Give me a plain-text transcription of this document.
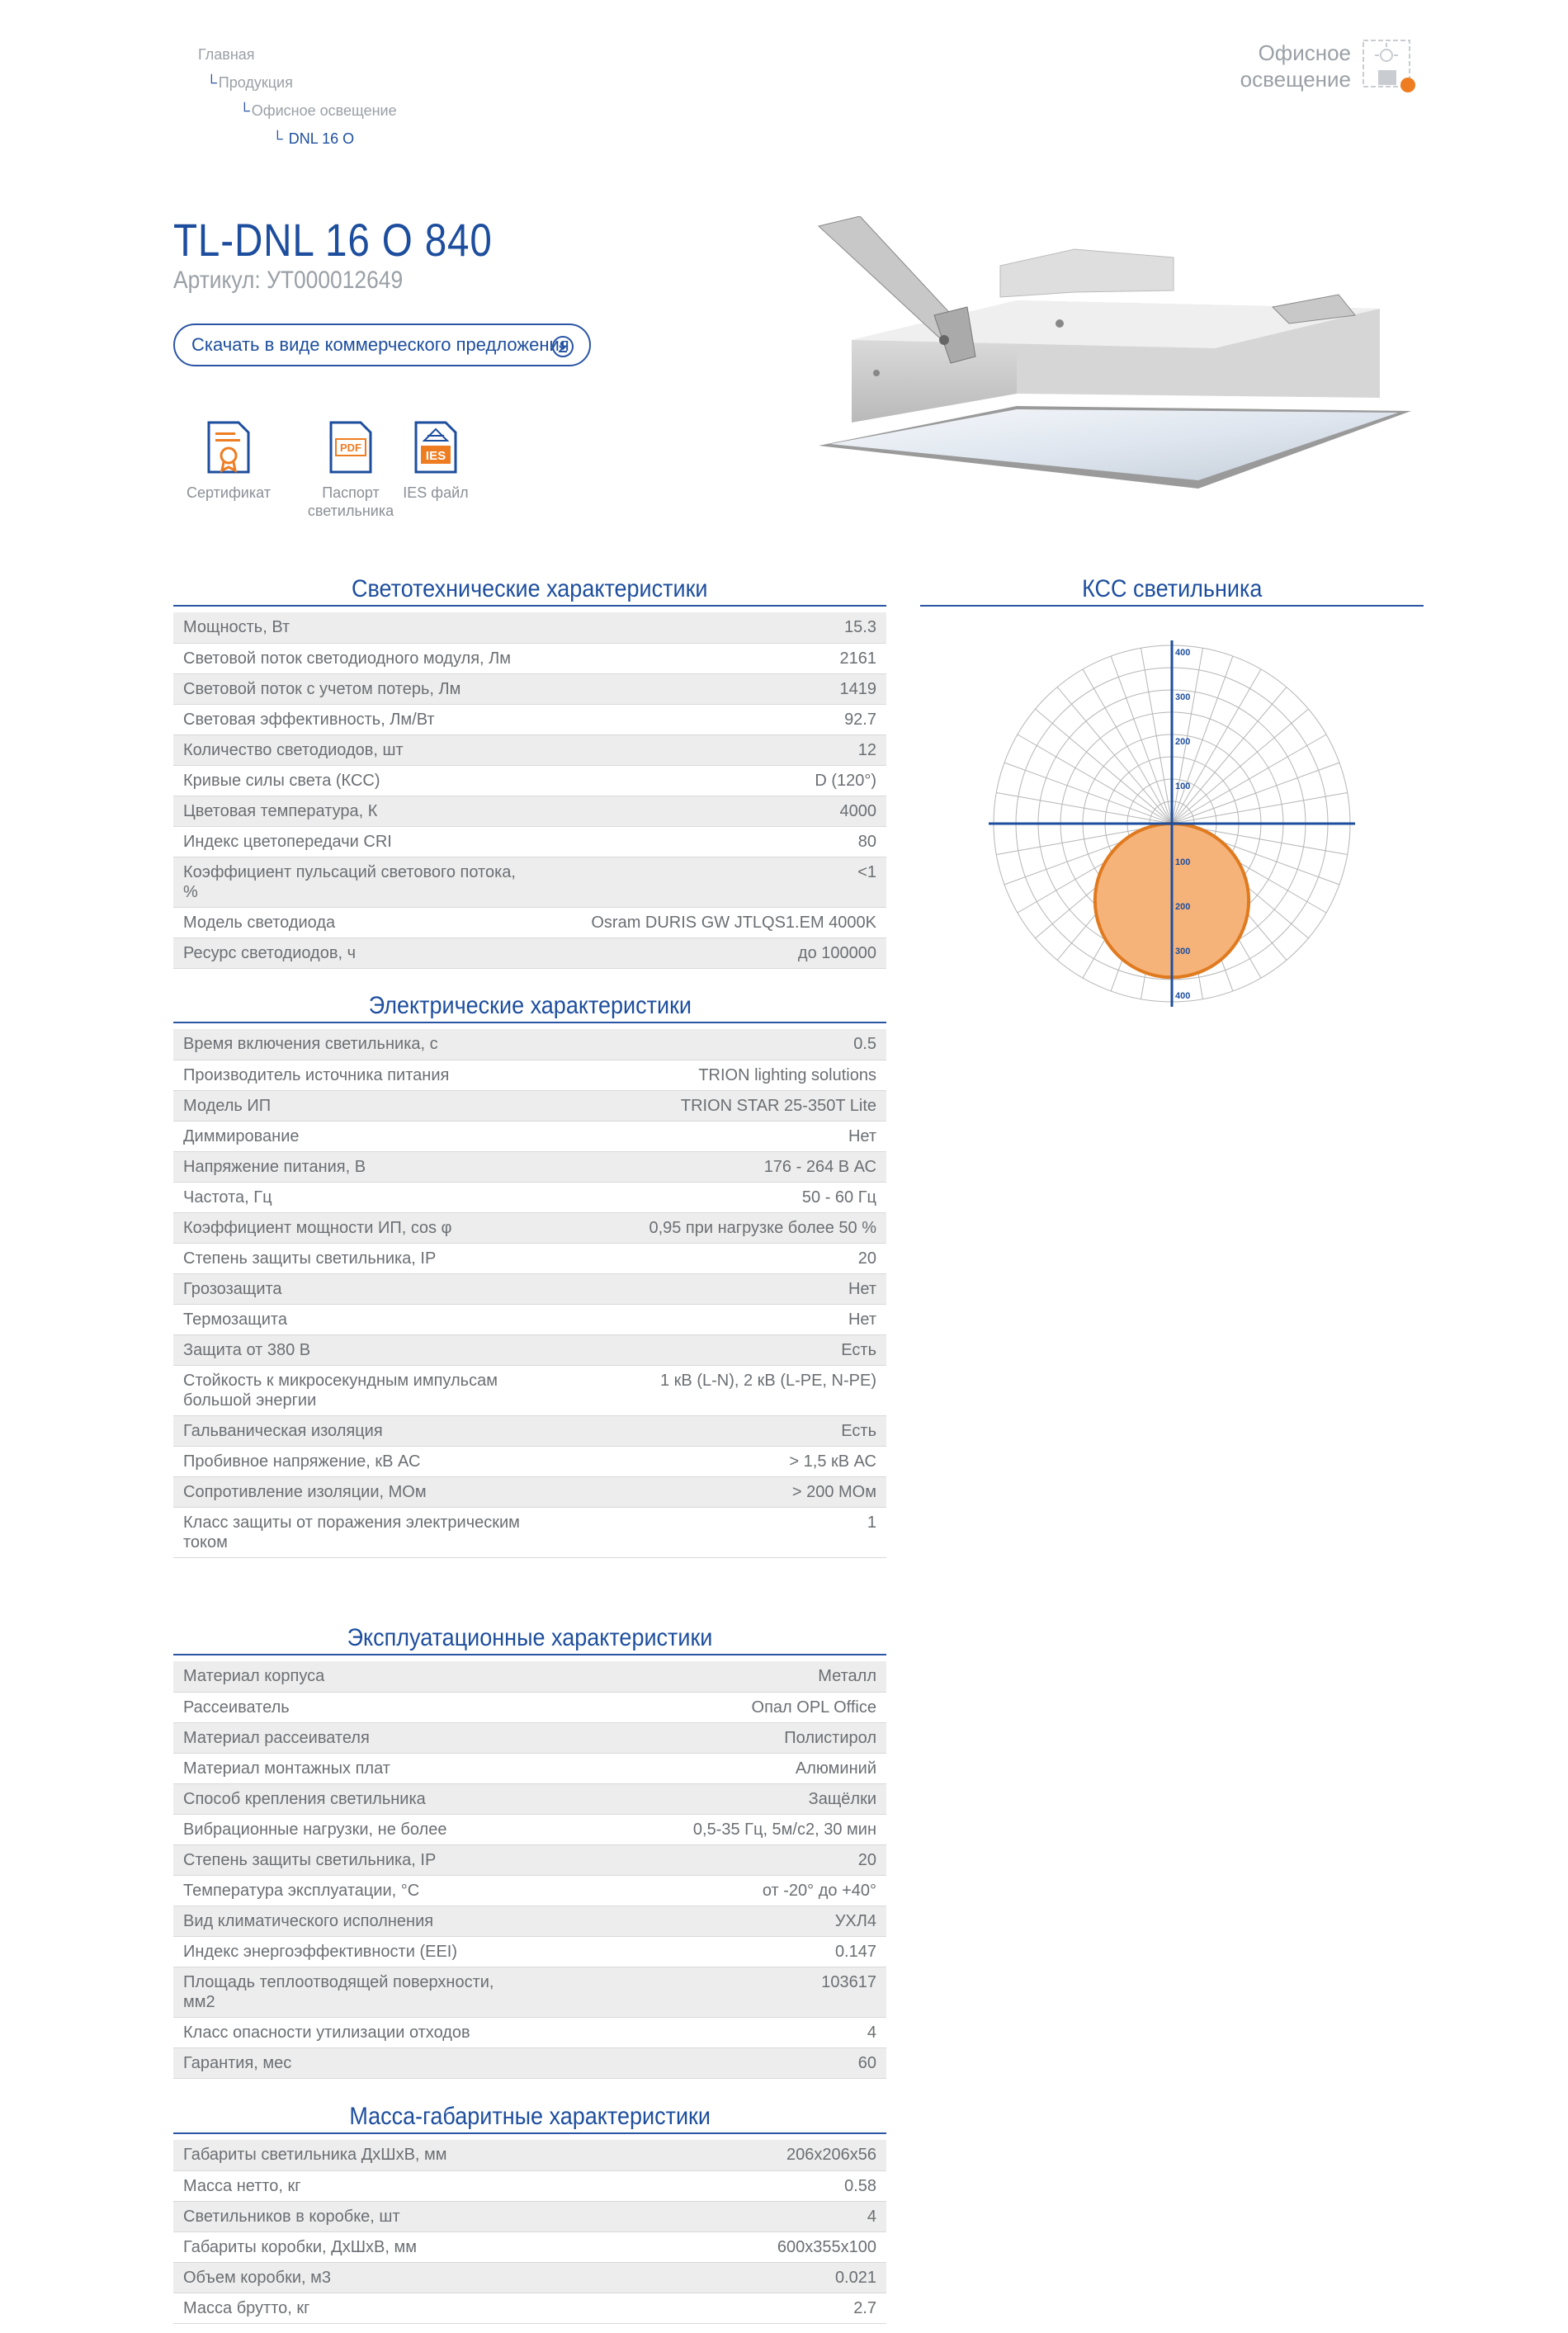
Главная
└ Продукция
└ Офисное освещение
└ DNL 16 O
Офисное
освещение
TL-DNL 16 O 840
Артикул: УТ000012649
Скачать в виде коммерческого предложения
Сертификат
PDF
Паспорт
светильника
IES
IES файл
Светотехнические характеристики
Мощность, Вт	15.3
Световой поток светодиодного модуля, Лм	2161
Световой поток с учетом потерь, Лм	1419
Световая эффективность, Лм/Вт	92.7
Количество светодиодов, шт	12
Кривые силы света (КСС)	D (120°)
Цветовая температура, К	4000
Индекс цветопередачи CRI	80
Коэффициент пульсаций светового потока, %	<1
Модель светодиода	Osram DURIS GW JTLQS1.EM 4000K
Ресурс светодиодов, ч	до 100000
КСС светильника
400
300
200
100
100
200
300
400
Электрические характеристики
Время включения светильника, с	0.5
Производитель источника питания	TRION lighting solutions
Модель ИП	TRION STAR 25-350T Lite
Диммирование	Нет
Напряжение питания, В	176 - 264 В АС
Частота, Гц	50 - 60 Гц
Коэффициент мощности ИП, cos φ	0,95 при нагрузке более 50 %
Степень защиты светильника, IP	20
Грозозащита	Нет
Термозащита	Нет
Защита от 380 В	Есть
Стойкость к микросекундным импульсам большой энергии	1 кВ (L-N), 2 кВ (L-PE, N-PE)
Гальваническая изоляция	Есть
Пробивное напряжение, кВ АС	> 1,5 кВ АС
Сопротивление изоляции, МОм	> 200 МОм
Класс защиты от поражения электрическим током	1
Эксплуатационные характеристики
Материал корпуса	Металл
Рассеиватель	Опал OPL Office
Материал рассеивателя	Полистирол
Материал монтажных плат	Алюминий
Способ крепления светильника	Защёлки
Вибрационные нагрузки, не более	0,5-35 Гц, 5м/с2, 30 мин
Степень защиты светильника, IP	20
Температура эксплуатации, °С	от -20° до +40°
Вид климатического исполнения	УХЛ4
Индекс энергоэффективности (EEI)	0.147
Площадь теплоотводящей поверхности, мм2	103617
Класс опасности утилизации отходов	4
Гарантия, мес	60
Масса-габаритные характеристики
Габариты светильника ДхШхВ, мм	206x206x56
Масса нетто, кг	0.58
Светильников в коробке, шт	4
Габариты коробки, ДхШхВ, мм	600x355x100
Объем коробки, м3	0.021
Масса брутто, кг	2.7
